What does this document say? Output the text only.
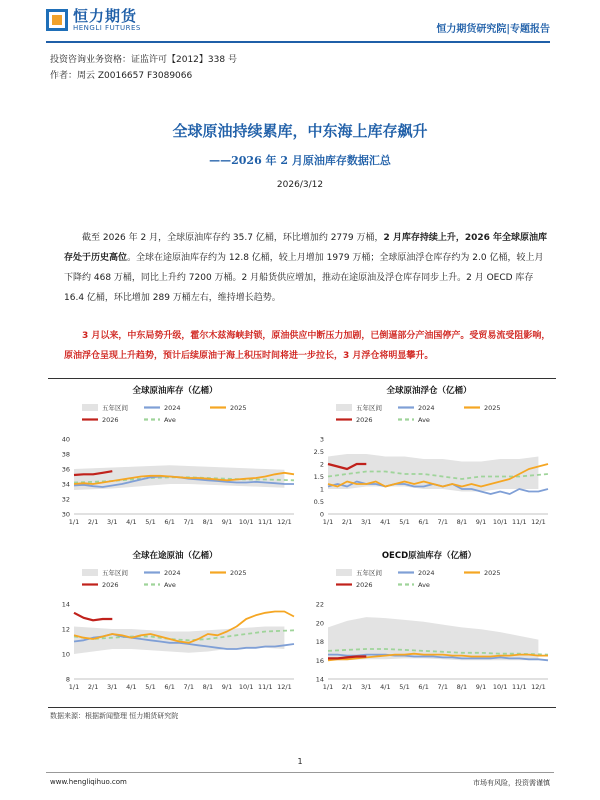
恒力期货
HENGLI FUTURES	恒力期货研究院|专题报告
投资咨询业务资格：证监许可【2012】338 号
作者：周云 Z0016657 F3089066
全球原油持续累库，中东海上库存飙升
——2026 年 2 月原油库存数据汇总
2026/3/12
截至 2026 年 2 月，全球原油库存约 35.7 亿桶，环比增加约 2779 万桶，2 月库存持续上升，2026 年全球原油库存处于历史高位。全球在途原油库存约为 12.8 亿桶，较上月增加 1979 万桶；全球原油浮仓库存约为 2.0 亿桶，较上月下降约 468 万桶，同比上升约 7200 万桶。2 月船货供应增加，推动在途原油及浮仓库存同步上升。2 月 OECD 库存 16.4 亿桶，环比增加 289 万桶左右，维持增长趋势。
3 月以来，中东局势升级，霍尔木兹海峡封锁，原油供应中断压力加剧，已倒逼部分产油国停产。受贸易流受阻影响，原油浮仓呈现上升趋势，预计后续原油于海上积压时间将进一步拉长，3 月浮仓将明显攀升。
全球原油库存（亿桶）
五年区间	2024	2025
2026	Ave
30
32
34
36
38
40
1/1 2/1 3/1 4/1 5/1 6/1 7/1 8/1 9/1 10/1 11/1 12/1
全球原油浮仓（亿桶）
五年区间	2024	2025
2026	Ave
0
0.5
1
1.5
2
2.5
3
1/1 2/1 3/1 4/1 5/1 6/1 7/1 8/1 9/1 10/1 11/1 12/1
全球在途原油（亿桶）
五年区间	2024	2025
2026	Ave
8
10
12
14
1/1 2/1 3/1 4/1 5/1 6/1 7/1 8/1 9/1 10/1 11/1 12/1
OECD原油库存（亿桶）
五年区间	2024	2025
2026	Ave
14
16
18
20
22
1/1 2/1 3/1 4/1 5/1 6/1 7/1 8/1 9/1 10/1 11/1 12/1
数据来源：根据新闻整理 恒力期货研究院
1
www.hengliqihuo.com	市场有风险，投资需谨慎
